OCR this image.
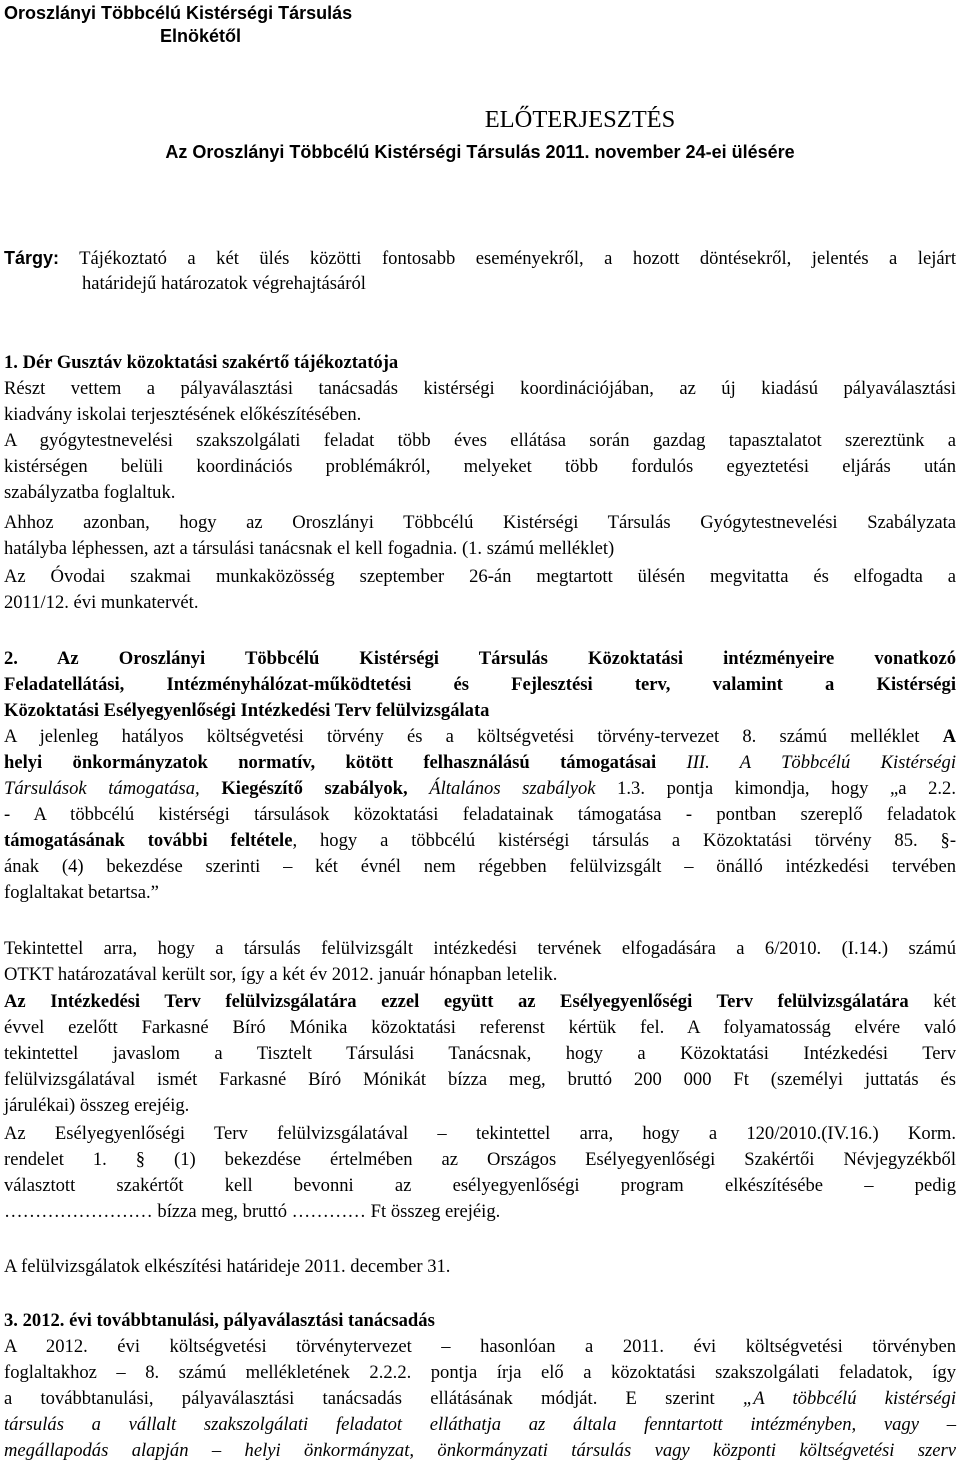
Oroszlányi Többcélú Kistérségi Társulás
Elnökétől
ELŐTERJESZTÉS
Az Oroszlányi Többcélú Kistérségi Társulás 2011. november 24-ei ülésére
Tárgy: Tájékoztató a két ülés közötti fontosabb eseményekről, a hozott döntésekről, jelentés a lejárt
határidejű határozatok végrehajtásáról
1. Dér Gusztáv közoktatási szakértő tájékoztatója
Részt vettem a pályaválasztási tanácsadás kistérségi koordinációjában, az új kiadású pályaválasztási
kiadvány iskolai terjesztésének előkészítésében.
A gyógytestnevelési szakszolgálati feladat több éves ellátása során gazdag tapasztalatot szereztünk a
kistérségen belüli koordinációs problémákról, melyeket több fordulós egyeztetési eljárás után
szabályzatba foglaltuk.
Ahhoz azonban, hogy az Oroszlányi Többcélú Kistérségi Társulás Gyógytestnevelési Szabályzata
hatályba léphessen, azt a társulási tanácsnak el kell fogadnia. (1. számú melléklet)
Az Óvodai szakmai munkaközösség szeptember 26-án megtartott ülésén megvitatta és elfogadta a
2011/12. évi munkatervét.
2. Az Oroszlányi Többcélú Kistérségi Társulás Közoktatási intézményeire vonatkozó
Feladatellátási, Intézményhálózat-működtetési és Fejlesztési terv, valamint a Kistérségi
Közoktatási Esélyegyenlőségi Intézkedési Terv felülvizsgálata
A jelenleg hatályos költségvetési törvény és a költségvetési törvény-tervezet 8. számú melléklet A
helyi önkormányzatok normatív, kötött felhasználású támogatásai III. A Többcélú Kistérségi
Társulások támogatása, Kiegészítő szabályok, Általános szabályok 1.3. pontja kimondja, hogy „a 2.2.
- A többcélú kistérségi társulások közoktatási feladatainak támogatása - pontban szereplő feladatok
támogatásának további feltétele, hogy a többcélú kistérségi társulás a Közoktatási törvény 85. §-
ának (4) bekezdése szerinti – két évnél nem régebben felülvizsgált – önálló intézkedési tervében
foglaltakat betartsa.”
Tekintettel arra, hogy a társulás felülvizsgált intézkedési tervének elfogadására a 6/2010. (I.14.) számú
OTKT határozatával került sor, így a két év 2012. január hónapban letelik.
Az Intézkedési Terv felülvizsgálatára ezzel együtt az Esélyegyenlőségi Terv felülvizsgálatára két
évvel ezelőtt Farkasné Bíró Mónika közoktatási referenst kértük fel. A folyamatosság elvére való
tekintettel javaslom a Tisztelt Társulási Tanácsnak, hogy a Közoktatási Intézkedési Terv
felülvizsgálatával ismét Farkasné Bíró Mónikát bízza meg, bruttó 200 000 Ft (személyi juttatás és
járulékai) összeg erejéig.
Az Esélyegyenlőségi Terv felülvizsgálatával – tekintettel arra, hogy a 120/2010.(IV.16.) Korm.
rendelet 1. § (1) bekezdése értelmében az Országos Esélyegyenlőségi Szakértői Névjegyzékből
választott szakértőt kell bevonni az esélyegyenlőségi program elkészítésébe – pedig
…………………… bízza meg, bruttó ………… Ft összeg erejéig.
A felülvizsgálatok elkészítési határideje 2011. december 31.
3. 2012. évi továbbtanulási, pályaválasztási tanácsadás
A 2012. évi költségvetési törvénytervezet – hasonlóan a 2011. évi költségvetési törvényben
foglaltakhoz – 8. számú mellékletének 2.2.2. pontja írja elő a közoktatási szakszolgálati feladatok, így
a továbbtanulási, pályaválasztási tanácsadás ellátásának módját. E szerint „A többcélú kistérségi
társulás a vállalt szakszolgálati feladatot elláthatja az általa fenntartott intézményben, vagy –
megállapodás alapján – helyi önkormányzat, önkormányzati társulás vagy központi költségvetési szerv
